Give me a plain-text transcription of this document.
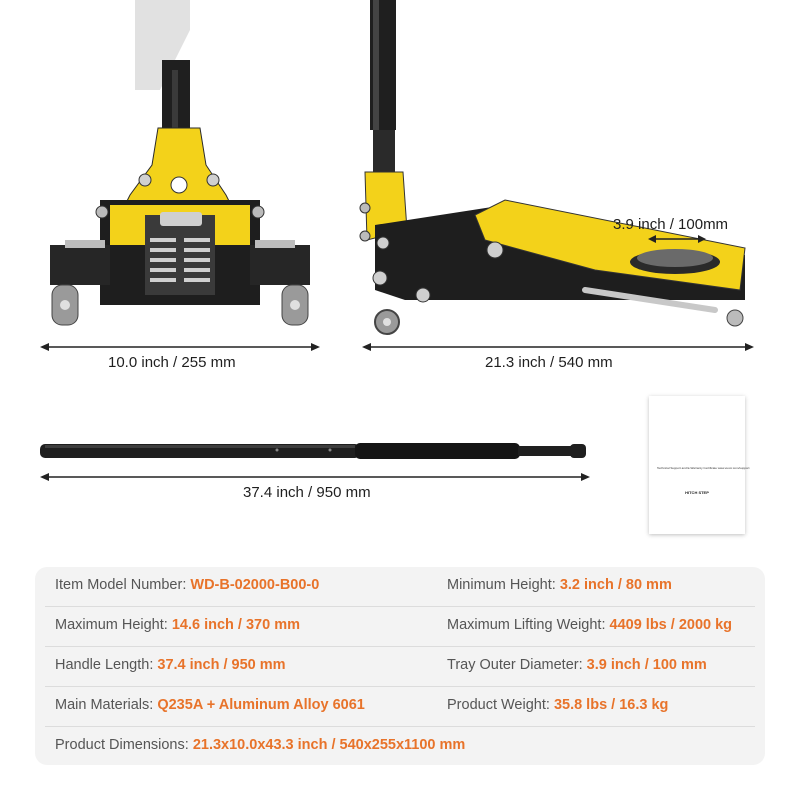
10.0 inch / 255 mm
3.9 inch / 100mm
21.3 inch / 540 mm
37.4 inch / 950 mm
Technical Support and E-Warranty Certificate www.vevor.com/support
HITCH STEP
Item Model Number: WD-B-02000-B00-0	Minimum Height: 3.2 inch / 80 mm
Maximum Height: 14.6 inch / 370 mm	Maximum Lifting Weight: 4409 lbs / 2000 kg
Handle Length: 37.4 inch / 950 mm	Tray Outer Diameter: 3.9 inch / 100 mm
Main Materials: Q235A + Aluminum Alloy 6061	Product Weight: 35.8 lbs / 16.3 kg
Product Dimensions: 21.3x10.0x43.3 inch / 540x255x1100 mm
